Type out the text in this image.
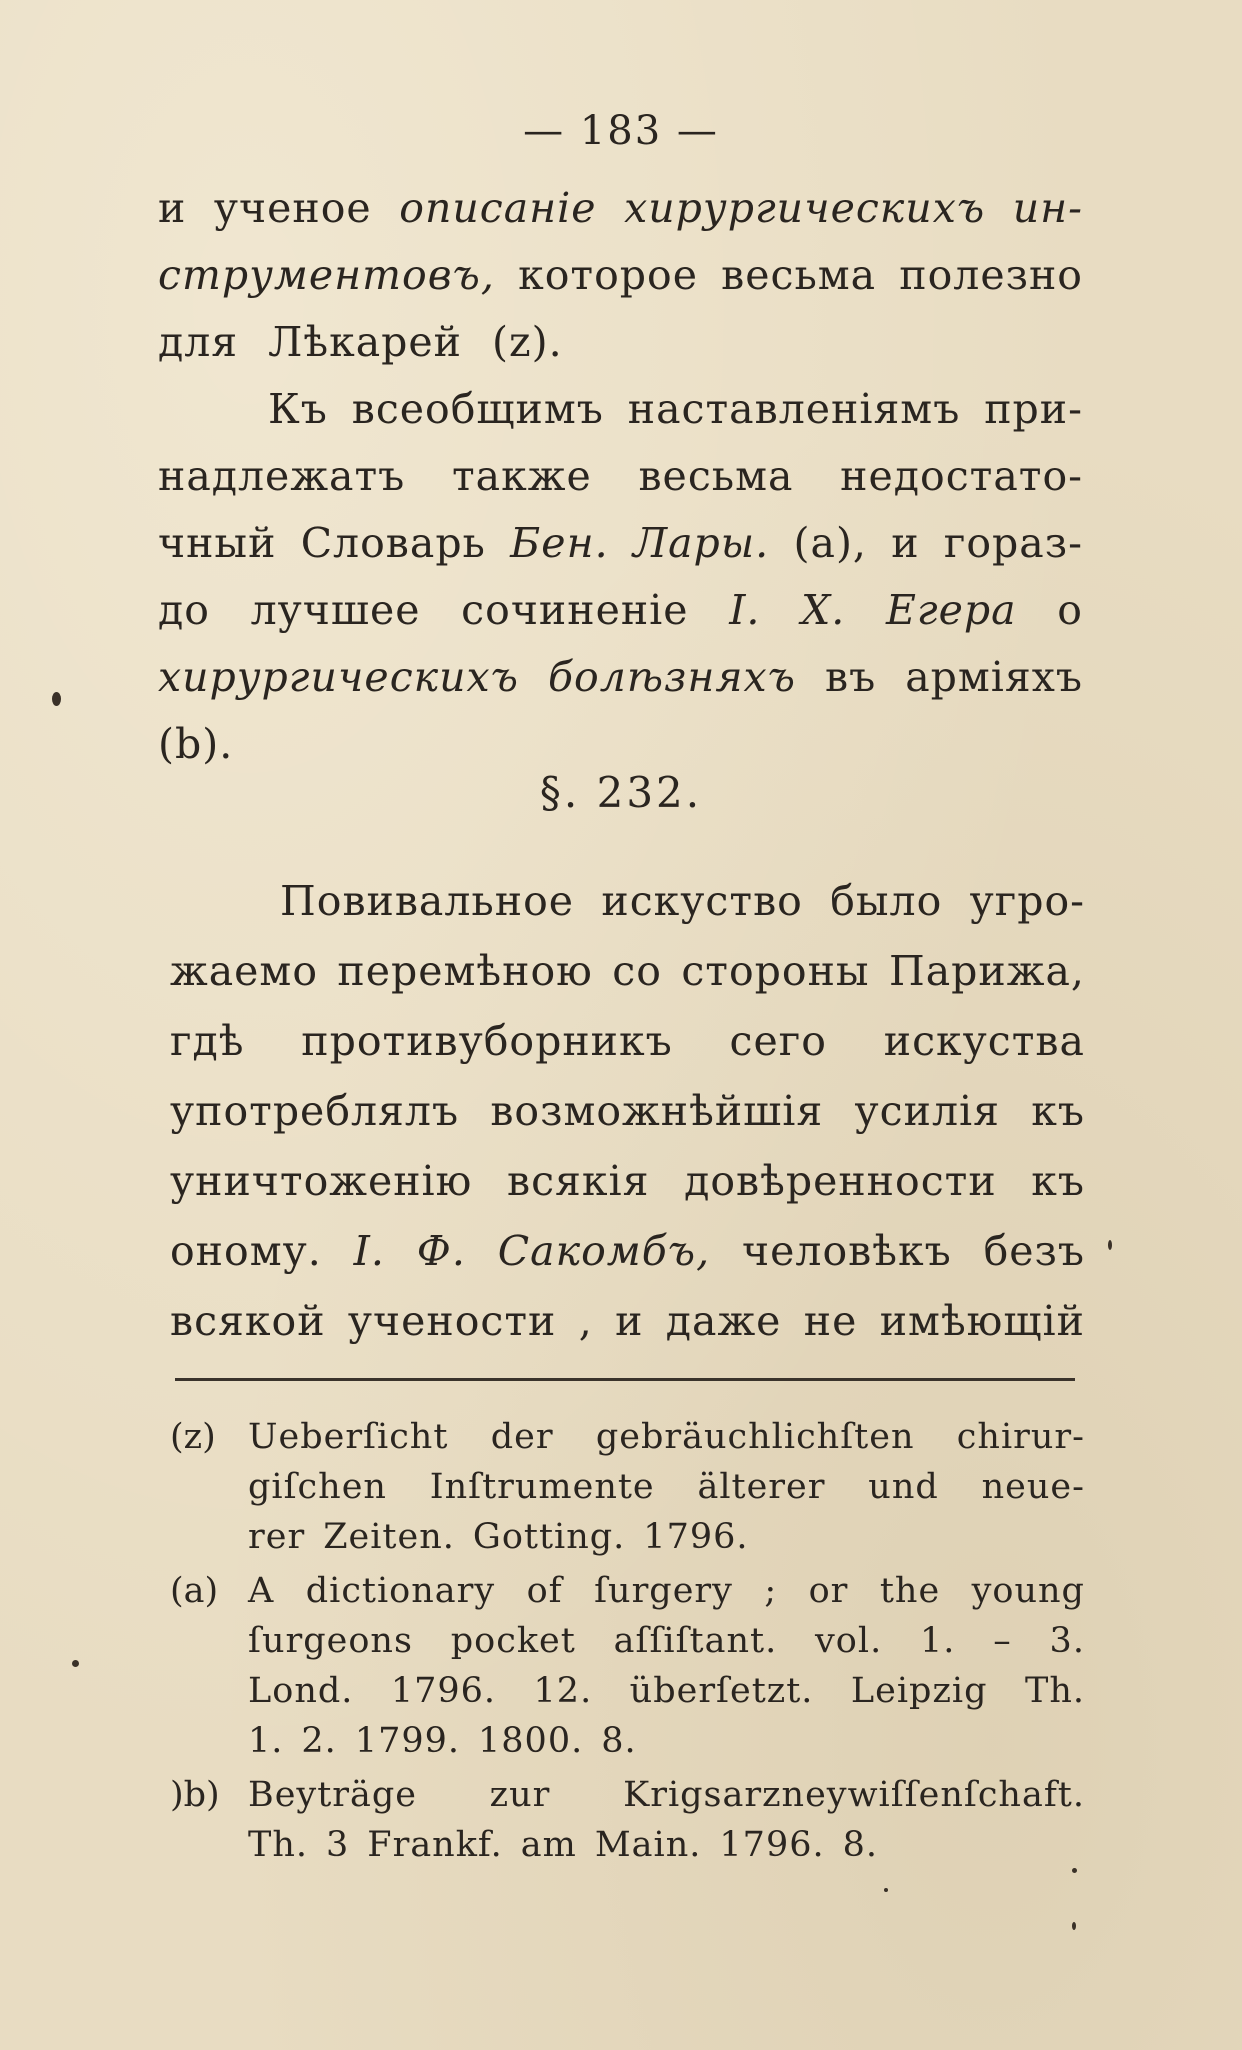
— 183 —
и ученое описаніе хирургическихъ ин-
струментовъ, которое весьма полезно
для Лѣкарей (z).
Къ всеобщимъ наставленіямъ при-
надлежатъ также весьма недостато-
чный Словарь Бен. Лары. (a), и гораз-
до лучшее сочиненіе I. X. Егера о
хирургическихъ болѣзняхъ въ арміяхъ
(b).
§. 232.
Повивальное искуство было угро-
жаемо перемѣною со стороны Парижа,
гдѣ противуборникъ сего искуства
употреблялъ возможнѣйшія усилія къ
уничтоженію всякія довѣренности къ
оному. I. Ф. Сакомбъ, человѣкъ безъ
всякой учености , и даже не имѣющій
(z) Ueberſicht der gebräuchlichſten chirur-
giſchen Inſtrumente älterer und neue-
rer Zeiten. Gotting. 1796.
(a) A dictionary of ſurgery ; or the young
ſurgeons pocket aſſiſtant. vol. 1. – 3.
Lond. 1796. 12. überſetzt. Leipzig Th.
1. 2. 1799. 1800. 8.
)b) Beyträge zur Krigsarzneywiſſenſchaft.
Th. 3 Frankf. am Main. 1796. 8.
